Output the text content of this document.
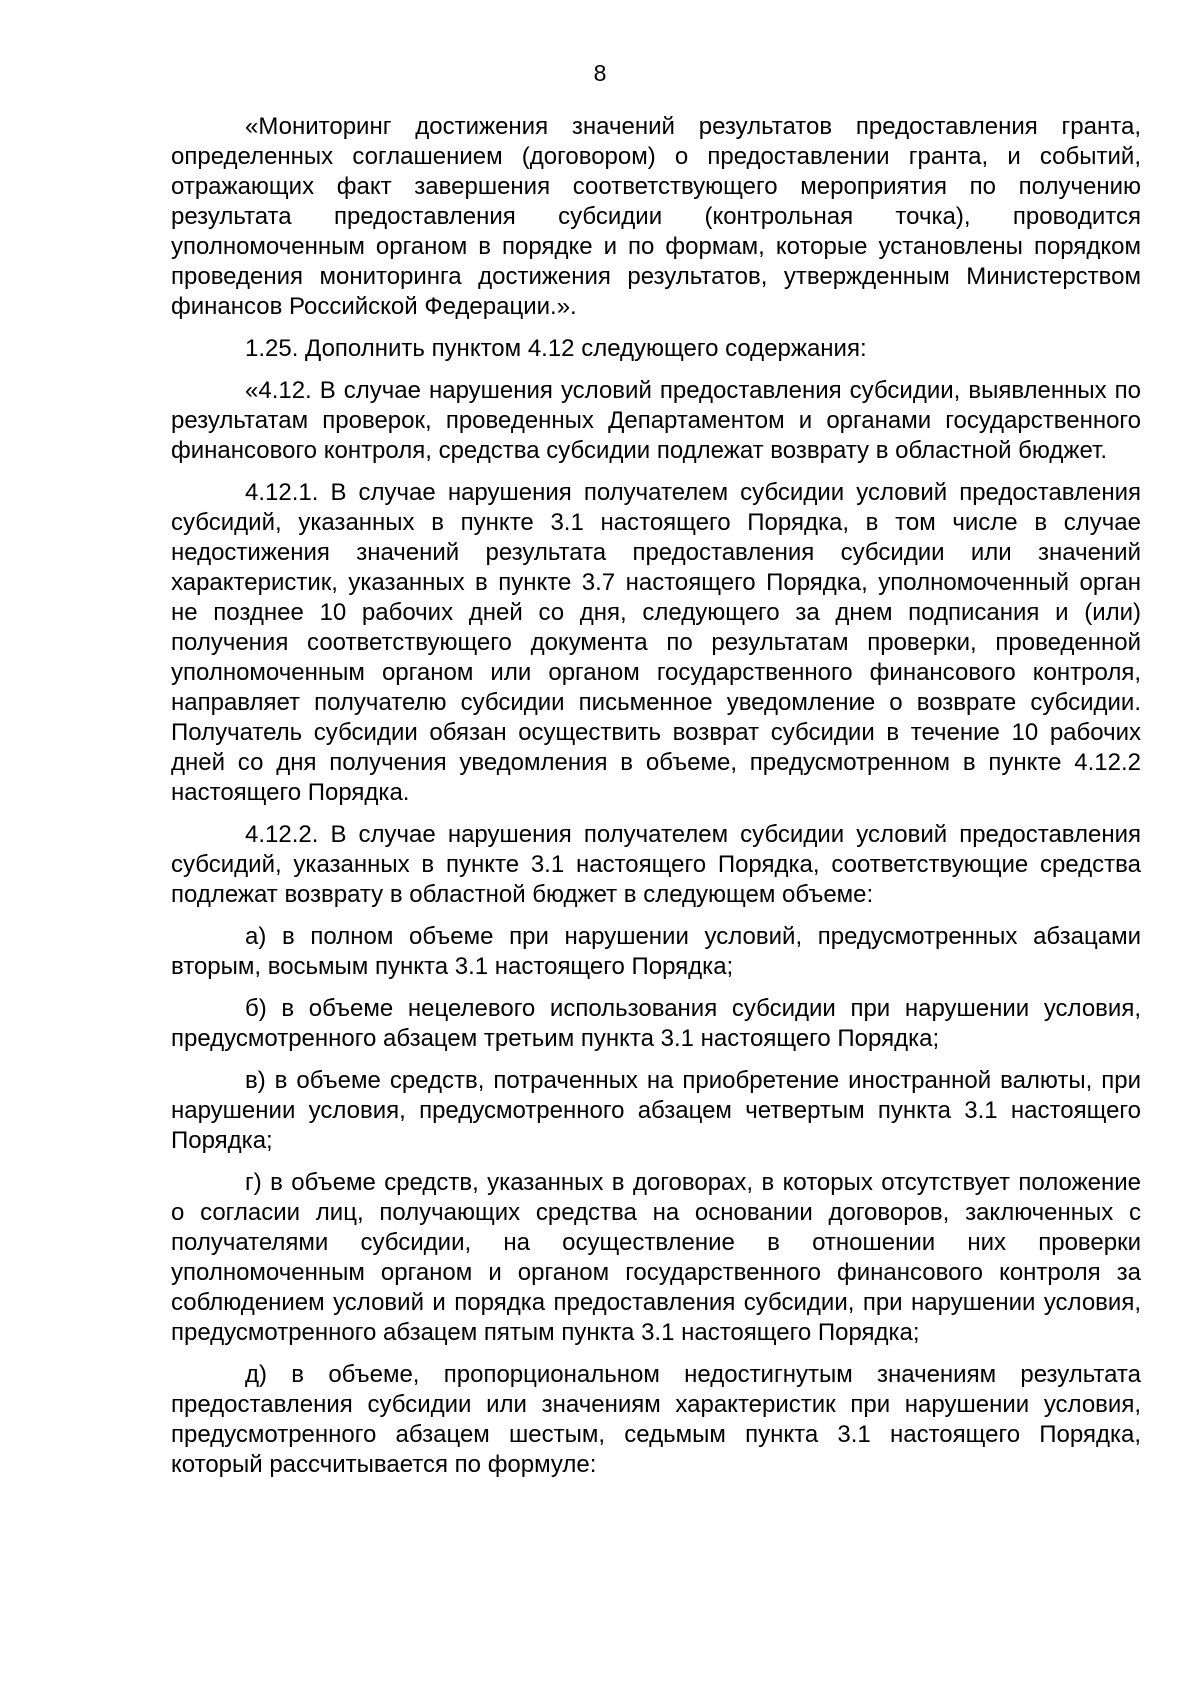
8

«Мониторинг достижения значений результатов предоставления гранта, определенных соглашением (договором) о предоставлении гранта, и событий, отражающих факт завершения соответствующего мероприятия по получению результата предоставления субсидии (контрольная точка), проводится уполномоченным органом в порядке и по формам, которые установлены порядком проведения мониторинга достижения результатов, утвержденным Министерством финансов Российской Федерации.».

1.25. Дополнить пунктом 4.12 следующего содержания:

«4.12. В случае нарушения условий предоставления субсидии, выявленных по результатам проверок, проведенных Департаментом и органами государственного финансового контроля, средства субсидии подлежат возврату в областной бюджет.

4.12.1. В случае нарушения получателем субсидии условий предоставления субсидий, указанных в пункте 3.1 настоящего Порядка, в том числе в случае недостижения значений результата предоставления субсидии или значений характеристик, указанных в пункте 3.7 настоящего Порядка, уполномоченный орган не позднее 10 рабочих дней со дня, следующего за днем подписания и (или) получения соответствующего документа по результатам проверки, проведенной уполномоченным органом или органом государственного финансового контроля, направляет получателю субсидии письменное уведомление о возврате субсидии. Получатель субсидии обязан осуществить возврат субсидии в течение 10 рабочих дней со дня получения уведомления в объеме, предусмотренном в пункте 4.12.2 настоящего Порядка.

4.12.2. В случае нарушения получателем субсидии условий предоставления субсидий, указанных в пункте 3.1 настоящего Порядка, соответствующие средства подлежат возврату в областной бюджет в следующем объеме:

а) в полном объеме при нарушении условий, предусмотренных абзацами вторым, восьмым пункта 3.1 настоящего Порядка;

б) в объеме нецелевого использования субсидии при нарушении условия, предусмотренного абзацем третьим пункта 3.1 настоящего Порядка;

в) в объеме средств, потраченных на приобретение иностранной валюты, при нарушении условия, предусмотренного абзацем четвертым пункта 3.1 настоящего Порядка;

г) в объеме средств, указанных в договорах, в которых отсутствует положение о согласии лиц, получающих средства на основании договоров, заключенных с получателями субсидии, на осуществление в отношении них проверки уполномоченным органом и органом государственного финансового контроля за соблюдением условий и порядка предоставления субсидии, при нарушении условия, предусмотренного абзацем пятым пункта 3.1 настоящего Порядка;

д) в объеме, пропорциональном недостигнутым значениям результата предоставления субсидии или значениям характеристик при нарушении условия, предусмотренного абзацем шестым, седьмым пункта 3.1 настоящего Порядка, который рассчитывается по формуле:
